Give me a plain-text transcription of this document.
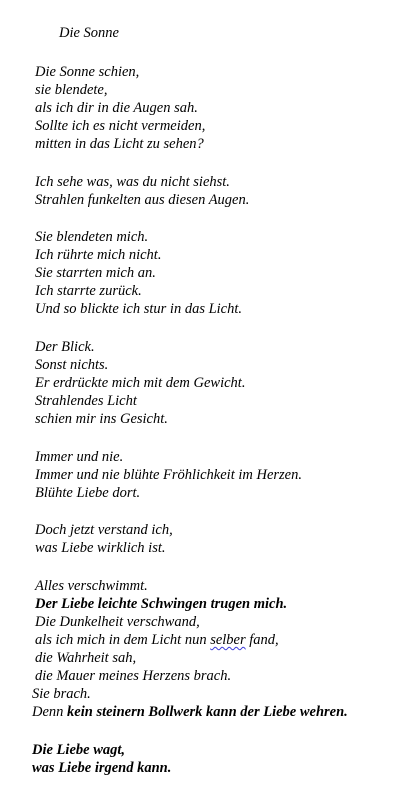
Die Sonne
Die Sonne schien,
sie blendete,
als ich dir in die Augen sah.
Sollte ich es nicht vermeiden,
mitten in das Licht zu sehen?
Ich sehe was, was du nicht siehst.
Strahlen funkelten aus diesen Augen.
Sie blendeten mich.
Ich rührte mich nicht.
Sie starrten mich an.
Ich starrte zurück.
Und so blickte ich stur in das Licht.
Der Blick.
Sonst nichts.
Er erdrückte mich mit dem Gewicht.
Strahlendes Licht
schien mir ins Gesicht.
Immer und nie.
Immer und nie blühte Fröhlichkeit im Herzen.
Blühte Liebe dort.
Doch jetzt verstand ich,
was Liebe wirklich ist.
Alles verschwimmt.
Der Liebe leichte Schwingen trugen mich.
Die Dunkelheit verschwand,
als ich mich in dem Licht nun selber fand,
die Wahrheit sah,
die Mauer meines Herzens brach.
Sie brach.
Denn kein steinern Bollwerk kann der Liebe wehren.
Die Liebe wagt,
was Liebe irgend kann.
